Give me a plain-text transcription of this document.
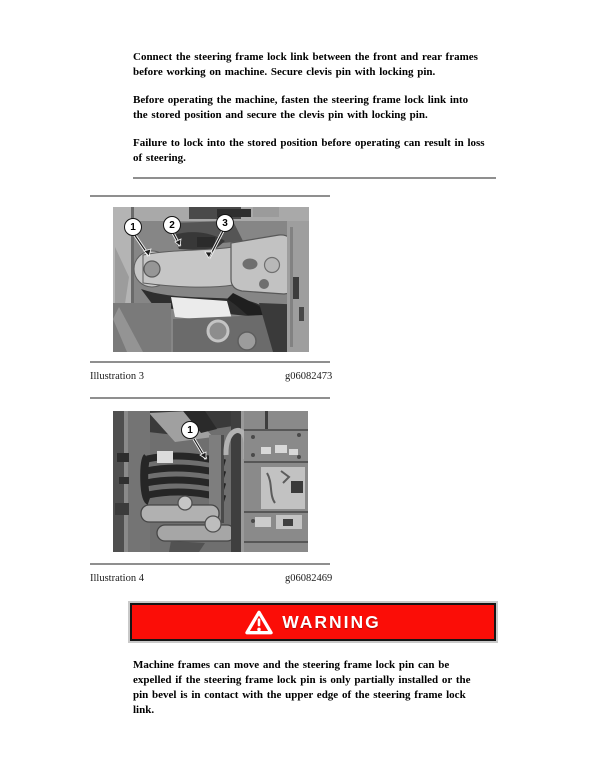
Connect the steering frame lock link between the front and rear frames
before working on machine. Secure clevis pin with locking pin.
Before operating the machine, fasten the steering frame lock link into
the stored position and secure the clevis pin with locking pin.
Failure to lock into the stored position before operating can result in loss
of steering.
1	2	3
Illustration 3	g06082473
1
Illustration 4	g06082469
WARNING
Machine frames can move and the steering frame lock pin can be
expelled if the steering frame lock pin is only partially installed or the
pin bevel is in contact with the upper edge of the steering frame lock
link.
